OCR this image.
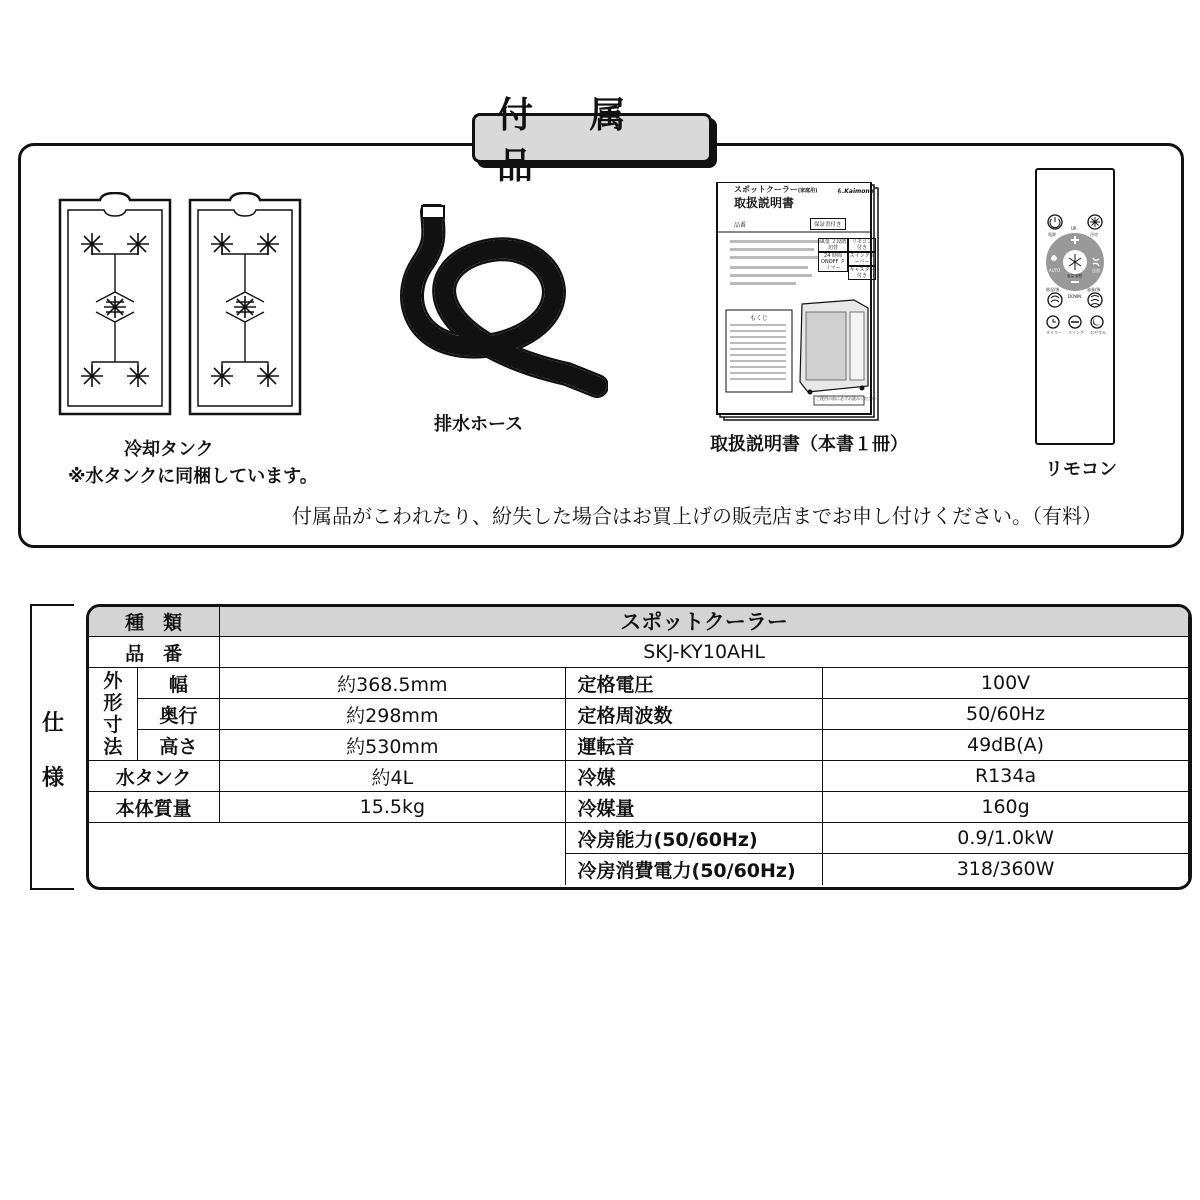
付 属 品
冷却タンク
※水タンクに同梱しています。
排水ホース
スポットクーラー(家庭用)	も.Kaimono
取扱説明書
品番	保証書付き
風量 ２段階切替
リモコン 付き
24 時間 ONOFF タイマー
スイングルーバー
キャスター 付き
もくじ
ご使用の前に必ずお読みください
取扱説明書（本書１冊）
電源
UP
冷房
AUTO
風量 調整
送風
DOWN
除湿/強	風量/強
タイマー スイング おやすみ
リモコン
付属品がこわれたり、紛失した場合はお買上げの販売店までお申し付けください。（有料）
仕
様
種　類		スポットクーラー		
品　番		SKJ-KY10AHL		

外形寸法	幅	約368.5mm	定格電圧	100V
	奥行	約298mm	定格周波数	50/60Hz
	高さ	約530mm	運転音	49dB(A)
水タンク		約4L	冷媒	R134a
本体質量		15.5kg	冷媒量	160g
			冷房能力(50/60Hz)	0.9/1.0kW
			冷房消費電力(50/60Hz)	318/360W
